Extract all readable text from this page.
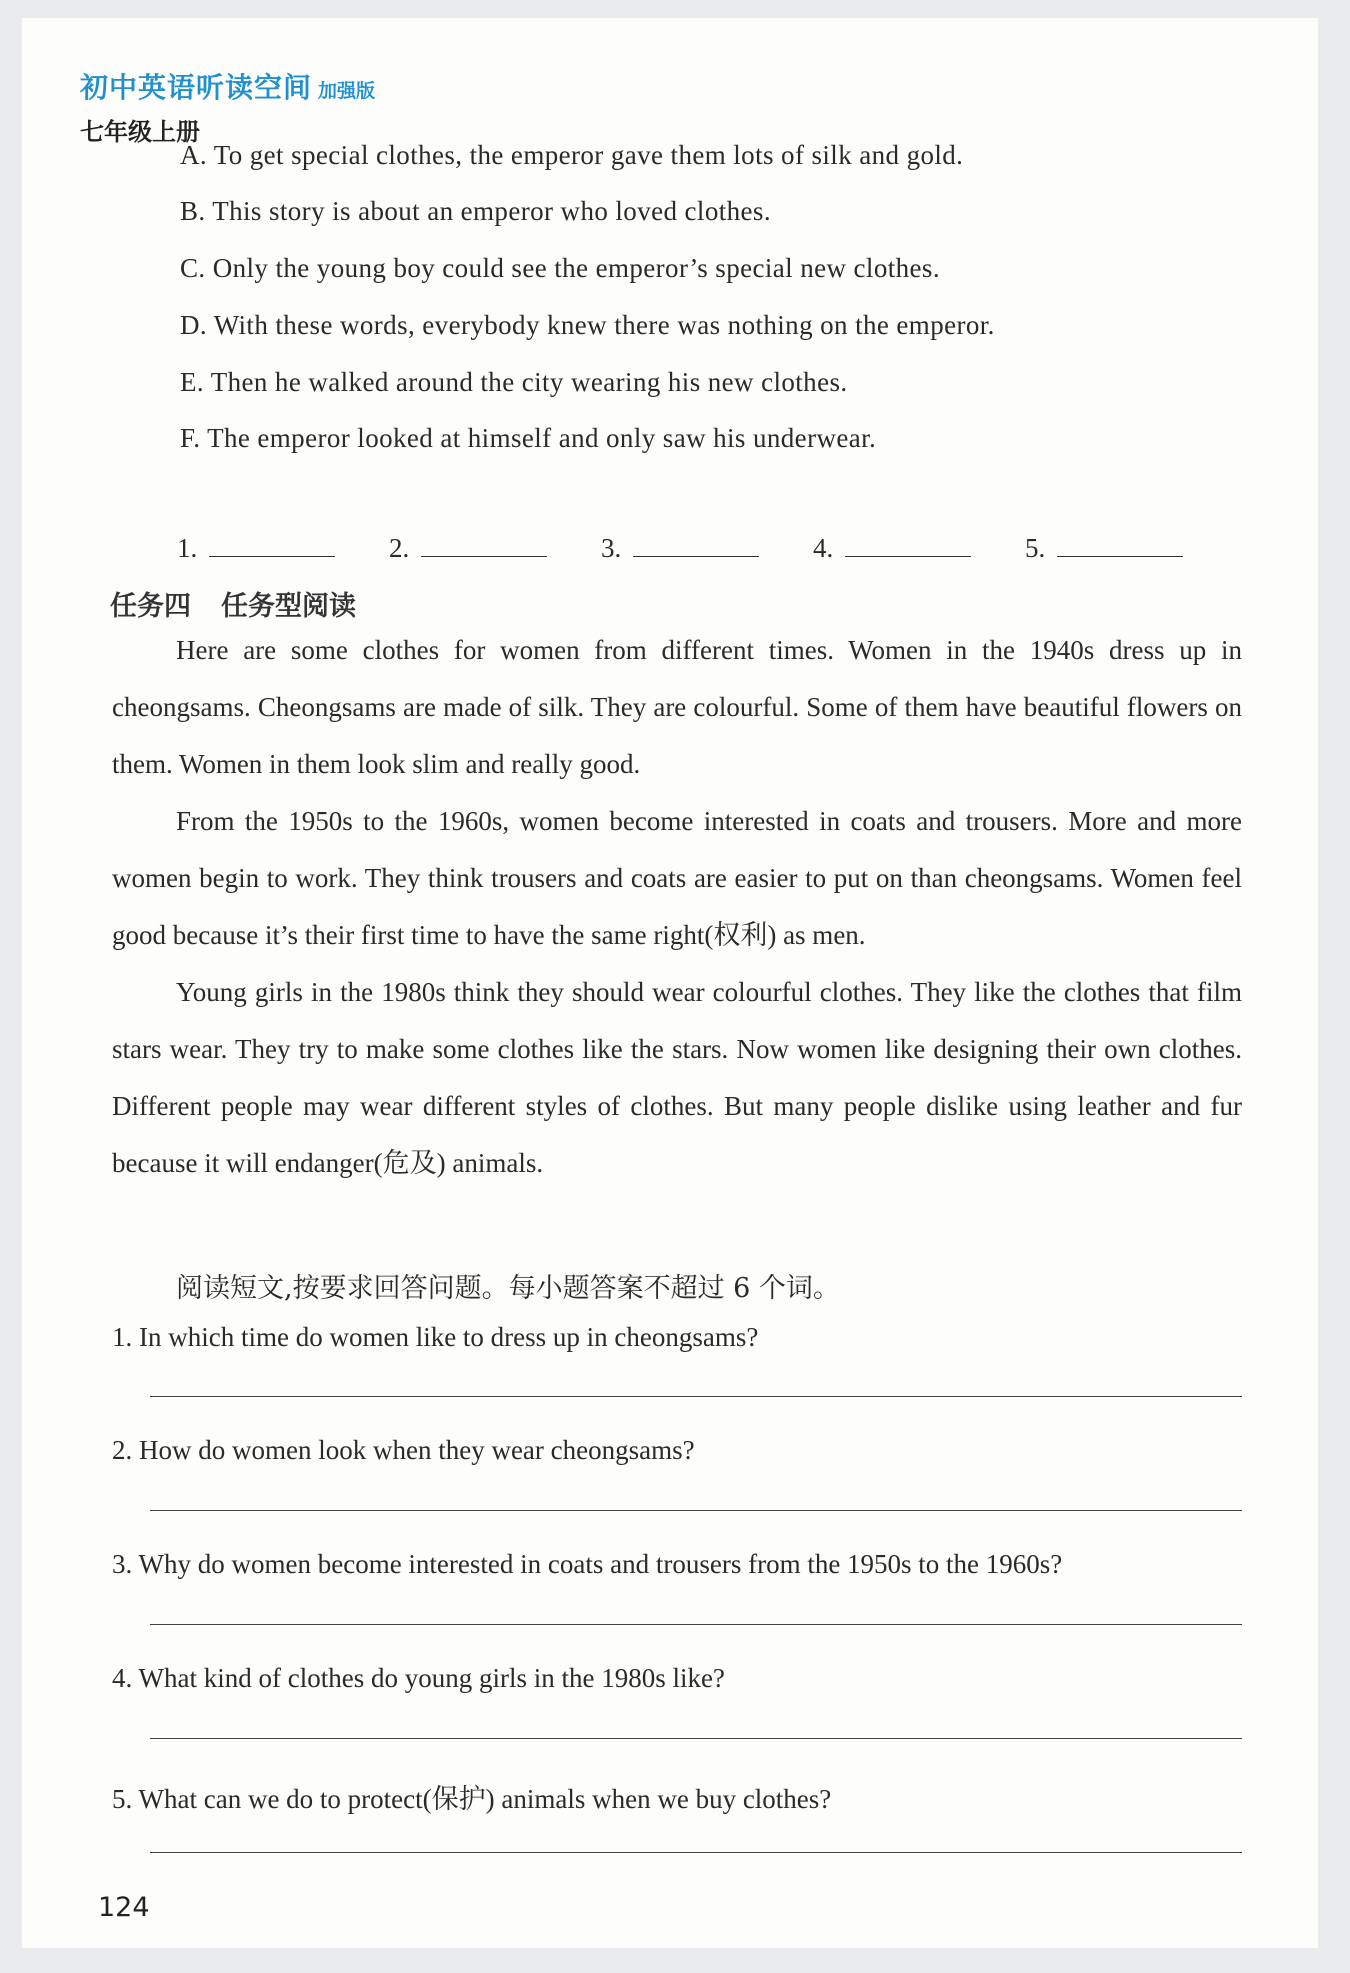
初中英语听读空间 加强版
七年级上册
A. To get special clothes, the emperor gave them lots of silk and gold.
B. This story is about an emperor who loved clothes.
C. Only the young boy could see the emperor’s special new clothes.
D. With these words, everybody knew there was nothing on the emperor.
E. Then he walked around the city wearing his new clothes.
F. The emperor looked at himself and only saw his underwear.
1.	2.	3.	4.	5.
任务四 任务型阅读

Here are some clothes for women from different times. Women in the 1940s dress up in cheongsams. Cheongsams are made of silk. They are colourful. Some of them have beautiful flowers on them. Women in them look slim and really good.

From the 1950s to the 1960s, women become interested in coats and trousers. More and more women begin to work. They think trousers and coats are easier to put on than cheongsams. Women feel good because it’s their first time to have the same right(权利) as men.

Young girls in the 1980s think they should wear colourful clothes. They like the clothes that film stars wear. They try to make some clothes like the stars. Now women like designing their own clothes. Different people may wear different styles of clothes. But many people dislike using leather and fur because it will endanger(危及) animals.

阅读短文,按要求回答问题。每小题答案不超过 6 个词。
1. In which time do women like to dress up in cheongsams?
2. How do women look when they wear cheongsams?
3. Why do women become interested in coats and trousers from the 1950s to the 1960s?
4. What kind of clothes do young girls in the 1980s like?
5. What can we do to protect(保护) animals when we buy clothes?
124
